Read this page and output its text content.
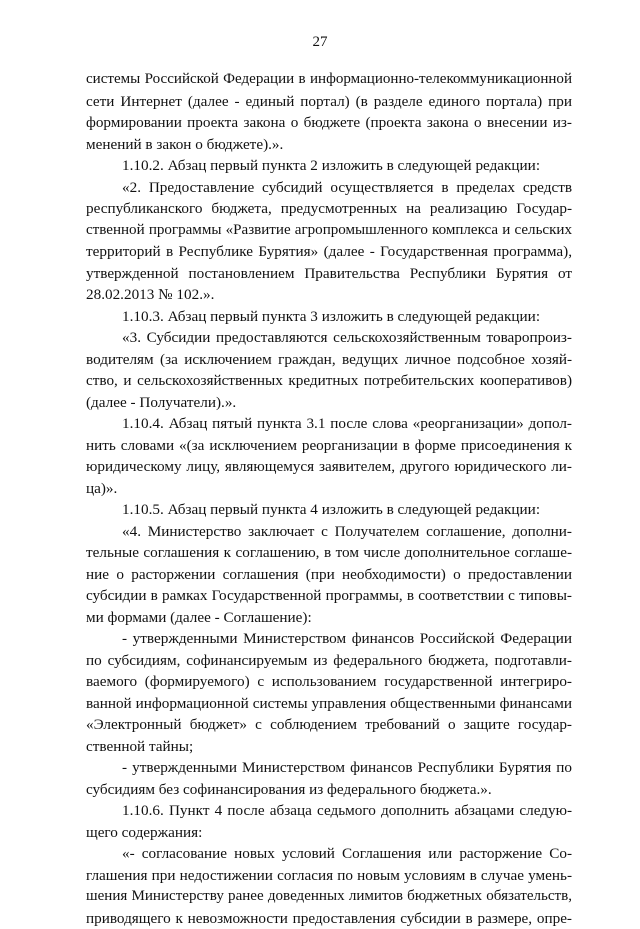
27
системы Российской Федерации в информационно-телекоммуникационной
сети Интернет (далее - единый портал) (в разделе единого портала) при
формировании проекта закона о бюджете (проекта закона о внесении из-
менений в закон о бюджете).».
1.10.2. Абзац первый пункта 2 изложить в следующей редакции:
«2. Предоставление субсидий осуществляется в пределах средств
республиканского бюджета, предусмотренных на реализацию Государ-
ственной программы «Развитие агропромышленного комплекса и сельских
территорий в Республике Бурятия» (далее - Государственная программа),
утвержденной постановлением Правительства Республики Бурятия от
28.02.2013 № 102.».
1.10.3. Абзац первый пункта 3 изложить в следующей редакции:
«3. Субсидии предоставляются сельскохозяйственным товаропроиз-
водителям (за исключением граждан, ведущих личное подсобное хозяй-
ство, и сельскохозяйственных кредитных потребительских кооперативов)
(далее - Получатели).».
1.10.4. Абзац пятый пункта 3.1 после слова «реорганизации» допол-
нить словами «(за исключением реорганизации в форме присоединения к
юридическому лицу, являющемуся заявителем, другого юридического ли-
ца)».
1.10.5. Абзац первый пункта 4 изложить в следующей редакции:
«4. Министерство заключает с Получателем соглашение, дополни-
тельные соглашения к соглашению, в том числе дополнительное соглаше-
ние о расторжении соглашения (при необходимости) о предоставлении
субсидии в рамках Государственной программы, в соответствии с типовы-
ми формами (далее - Соглашение):
- утвержденными Министерством финансов Российской Федерации
по субсидиям, софинансируемым из федерального бюджета, подготавли-
ваемого (формируемого) с использованием государственной интегриро-
ванной информационной системы управления общественными финансами
«Электронный бюджет» с соблюдением требований о защите государ-
ственной тайны;
- утвержденными Министерством финансов Республики Бурятия по
субсидиям без софинансирования из федерального бюджета.».
1.10.6. Пункт 4 после абзаца седьмого дополнить абзацами следую-
щего содержания:
«- согласование новых условий Соглашения или расторжение Со-
глашения при недостижении согласия по новым условиям в случае умень-
шения Министерству ранее доведенных лимитов бюджетных обязательств,
приводящего к невозможности предоставления субсидии в размере, опре-
